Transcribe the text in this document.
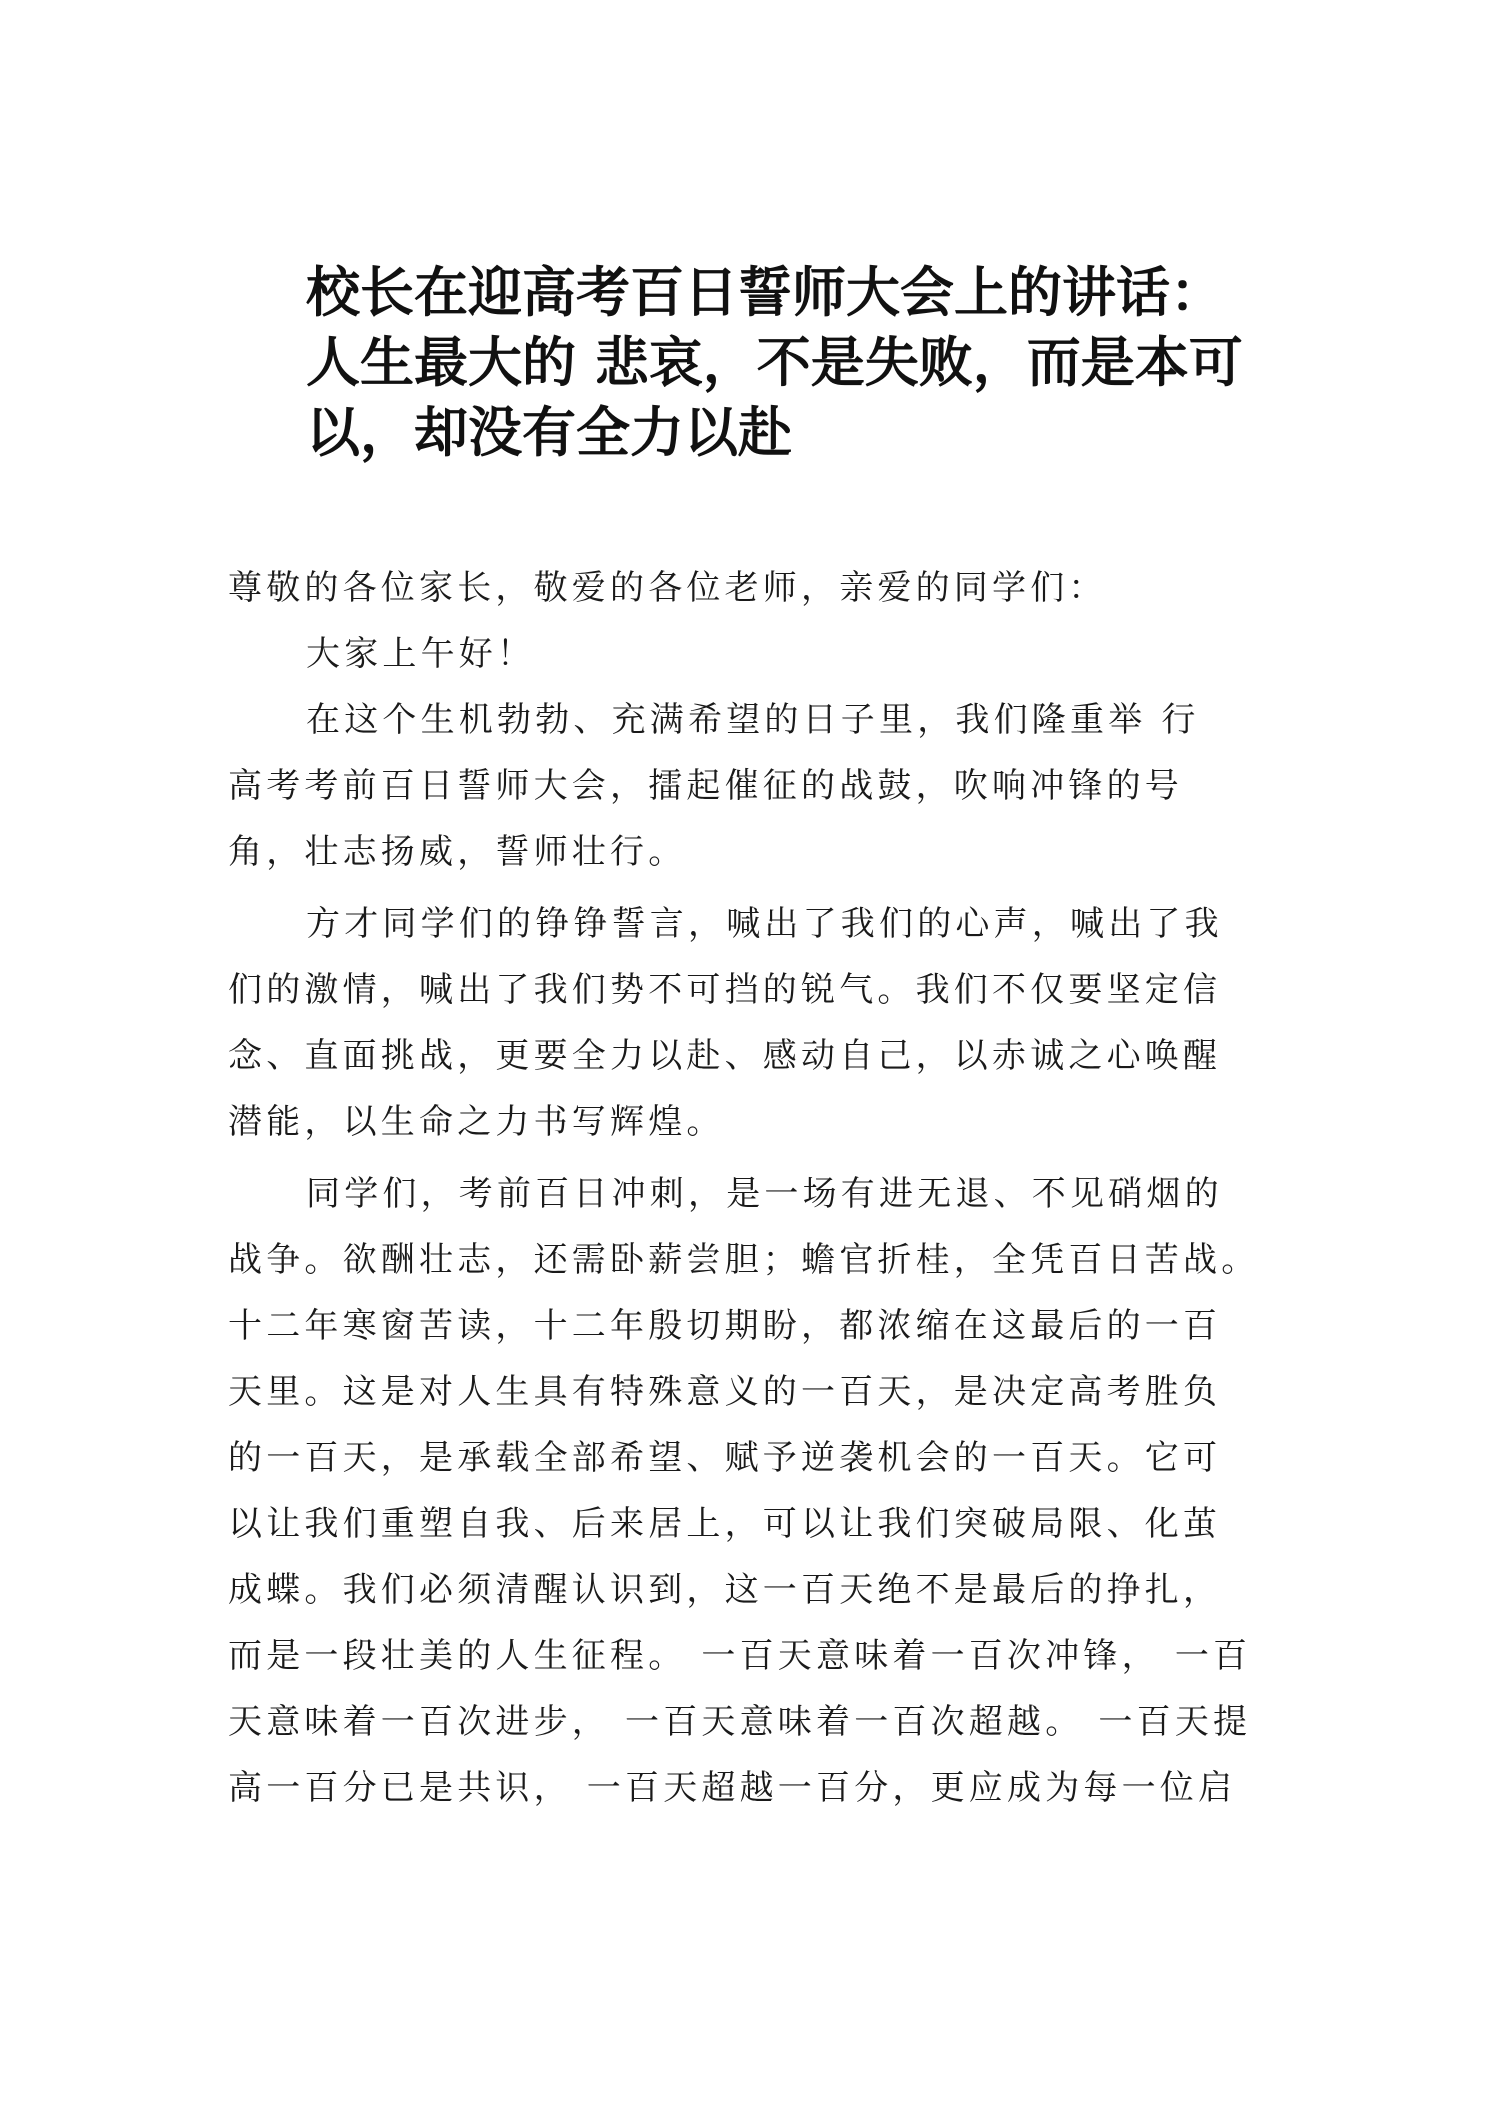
校长在迎高考百日誓师大会上的讲话：
人生最大的 悲哀，不是失败，而是本可
以，却没有全力以赴

尊敬的各位家长，敬爱的各位老师，亲爱的同学们：

大家上午好！

在这个生机勃勃、充满希望的日子里，我们隆重举 行
高考考前百日誓师大会，擂起催征的战鼓，吹响冲锋的号
角，壮志扬威，誓师壮行。

方才同学们的铮铮誓言，喊出了我们的心声，喊出了我
们的激情，喊出了我们势不可挡的锐气。我们不仅要坚定信
念、直面挑战，更要全力以赴、感动自己，以赤诚之心唤醒
潜能，以生命之力书写辉煌。

同学们，考前百日冲刺，是一场有进无退、不见硝烟的
战争。欲酬壮志，还需卧薪尝胆；蟾官折桂，全凭百日苦战。
十二年寒窗苦读，十二年殷切期盼，都浓缩在这最后的一百
天里。这是对人生具有特殊意义的一百天，是决定高考胜负
的一百天，是承载全部希望、赋予逆袭机会的一百天。它可
以让我们重塑自我、后来居上，可以让我们突破局限、化茧
成蝶。我们必须清醒认识到，这一百天绝不是最后的挣扎，
而是一段壮美的人生征程。 一百天意味着一百次冲锋， 一百
天意味着一百次进步， 一百天意味着一百次超越。 一百天提
高一百分已是共识， 一百天超越一百分，更应成为每一位启
